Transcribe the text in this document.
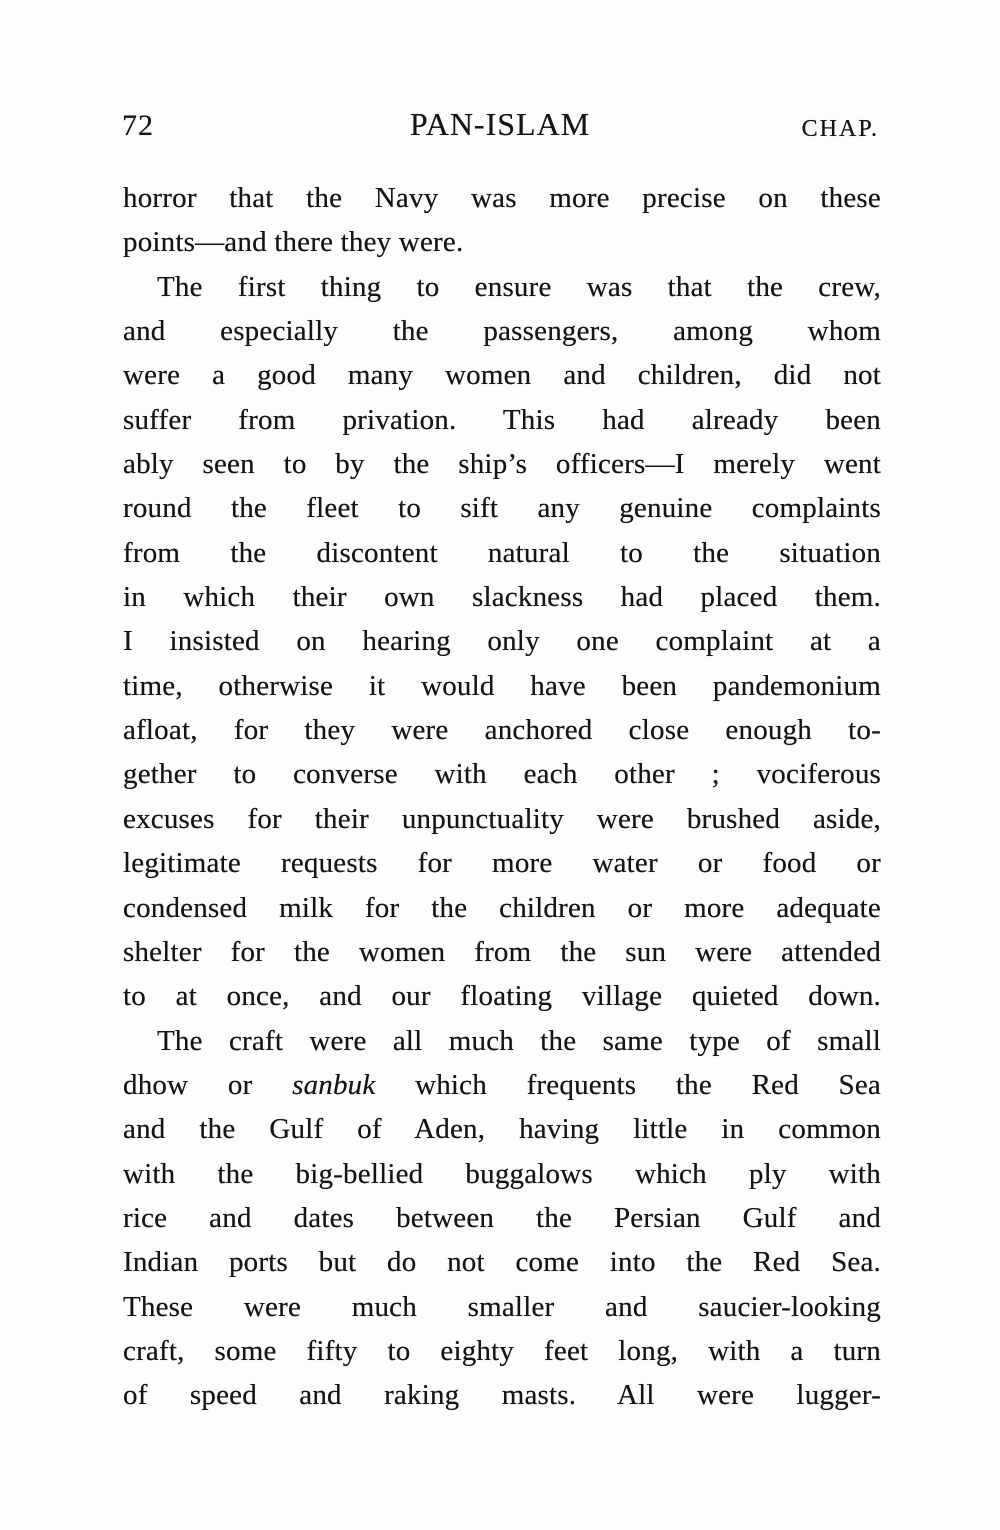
72	PAN-ISLAM	CHAP.
horror that the Navy was more precise on these
points—and there they were.
The first thing to ensure was that the crew,
and especially the passengers, among whom
were a good many women and children, did not
suffer from privation. This had already been
ably seen to by the ship’s officers—I merely went
round the fleet to sift any genuine complaints
from the discontent natural to the situation
in which their own slackness had placed them.
I insisted on hearing only one complaint at a
time, otherwise it would have been pandemonium
afloat, for they were anchored close enough to-
gether to converse with each other ; vociferous
excuses for their unpunctuality were brushed aside,
legitimate requests for more water or food or
condensed milk for the children or more adequate
shelter for the women from the sun were attended
to at once, and our floating village quieted down.
The craft were all much the same type of small
dhow or sanbuk which frequents the Red Sea
and the Gulf of Aden, having little in common
with the big-bellied buggalows which ply with
rice and dates between the Persian Gulf and
Indian ports but do not come into the Red Sea.
These were much smaller and saucier-looking
craft, some fifty to eighty feet long, with a turn
of speed and raking masts. All were lugger-
